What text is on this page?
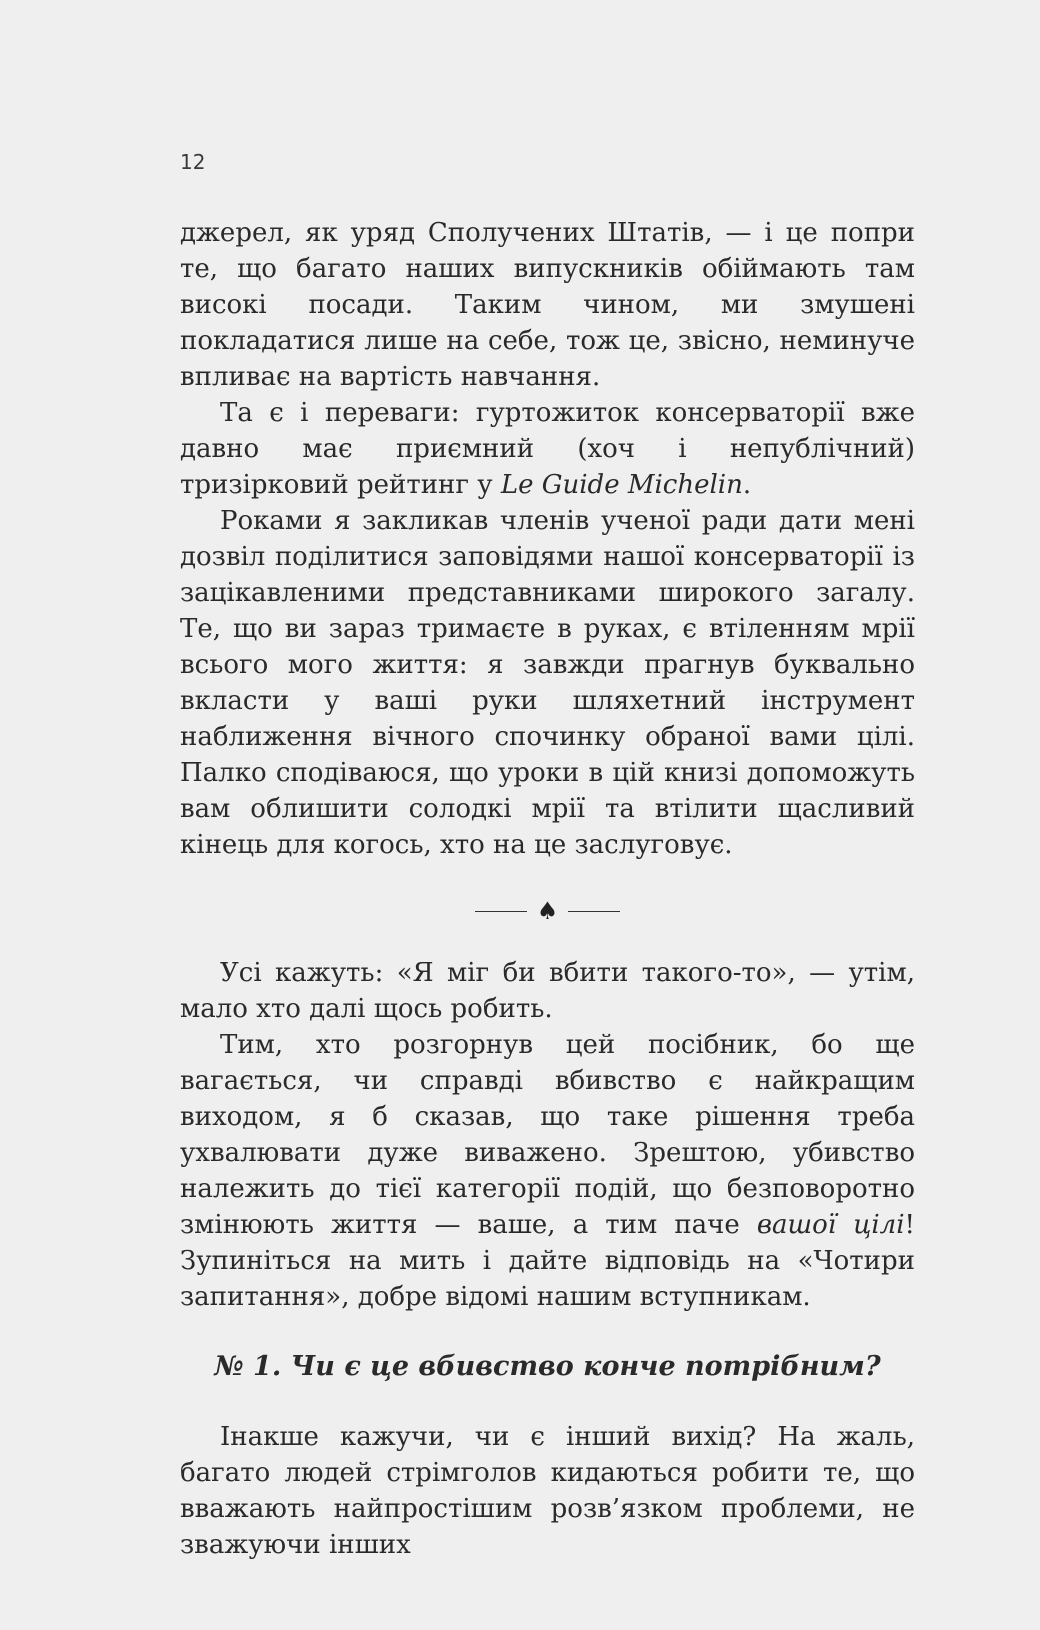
12

джерел, як уряд Сполучених Штатів, — і це попри те, що багато наших випускників обіймають там високі посади. Таким чином, ми змушені покладатися лише на себе, тож це, звісно, неминуче впливає на вартість навчання.

Та є і переваги: гуртожиток консерваторії вже давно має приємний (хоч і непублічний) тризірковий рейтинг у Le Guide Michelin.

Роками я закликав членів ученої ради дати мені дозвіл поділитися заповідями нашої консерваторії із зацікавленими представниками широкого загалу. Те, що ви зараз тримаєте в руках, є втіленням мрії всього мого життя: я завжди прагнув буквально вкласти у ваші руки шляхетний інструмент наближення вічного спочинку обраної вами цілі. Палко сподіваюся, що уроки в цій книзі допоможуть вам облишити солодкі мрії та втілити щасливий кінець для когось, хто на це заслуговує.

♠

Усі кажуть: «Я міг би вбити такого-то», — утім, мало хто далі щось робить.

Тим, хто розгорнув цей посібник, бо ще вагається, чи справді вбивство є найкращим виходом, я б сказав, що таке рішення треба ухвалювати дуже виважено. Зрештою, убивство належить до тієї категорії подій, що безповоротно змінюють життя — ваше, а тим паче вашої цілі! Зупиніться на мить і дайте відповідь на «Чотири запитання», добре відомі нашим вступникам.

№ 1. Чи є це вбивство конче потрібним?

Інакше кажучи, чи є інший вихід? На жаль, багато людей стрімголов кидаються робити те, що вважають найпростішим розв’язком проблеми, не зважуючи інших
